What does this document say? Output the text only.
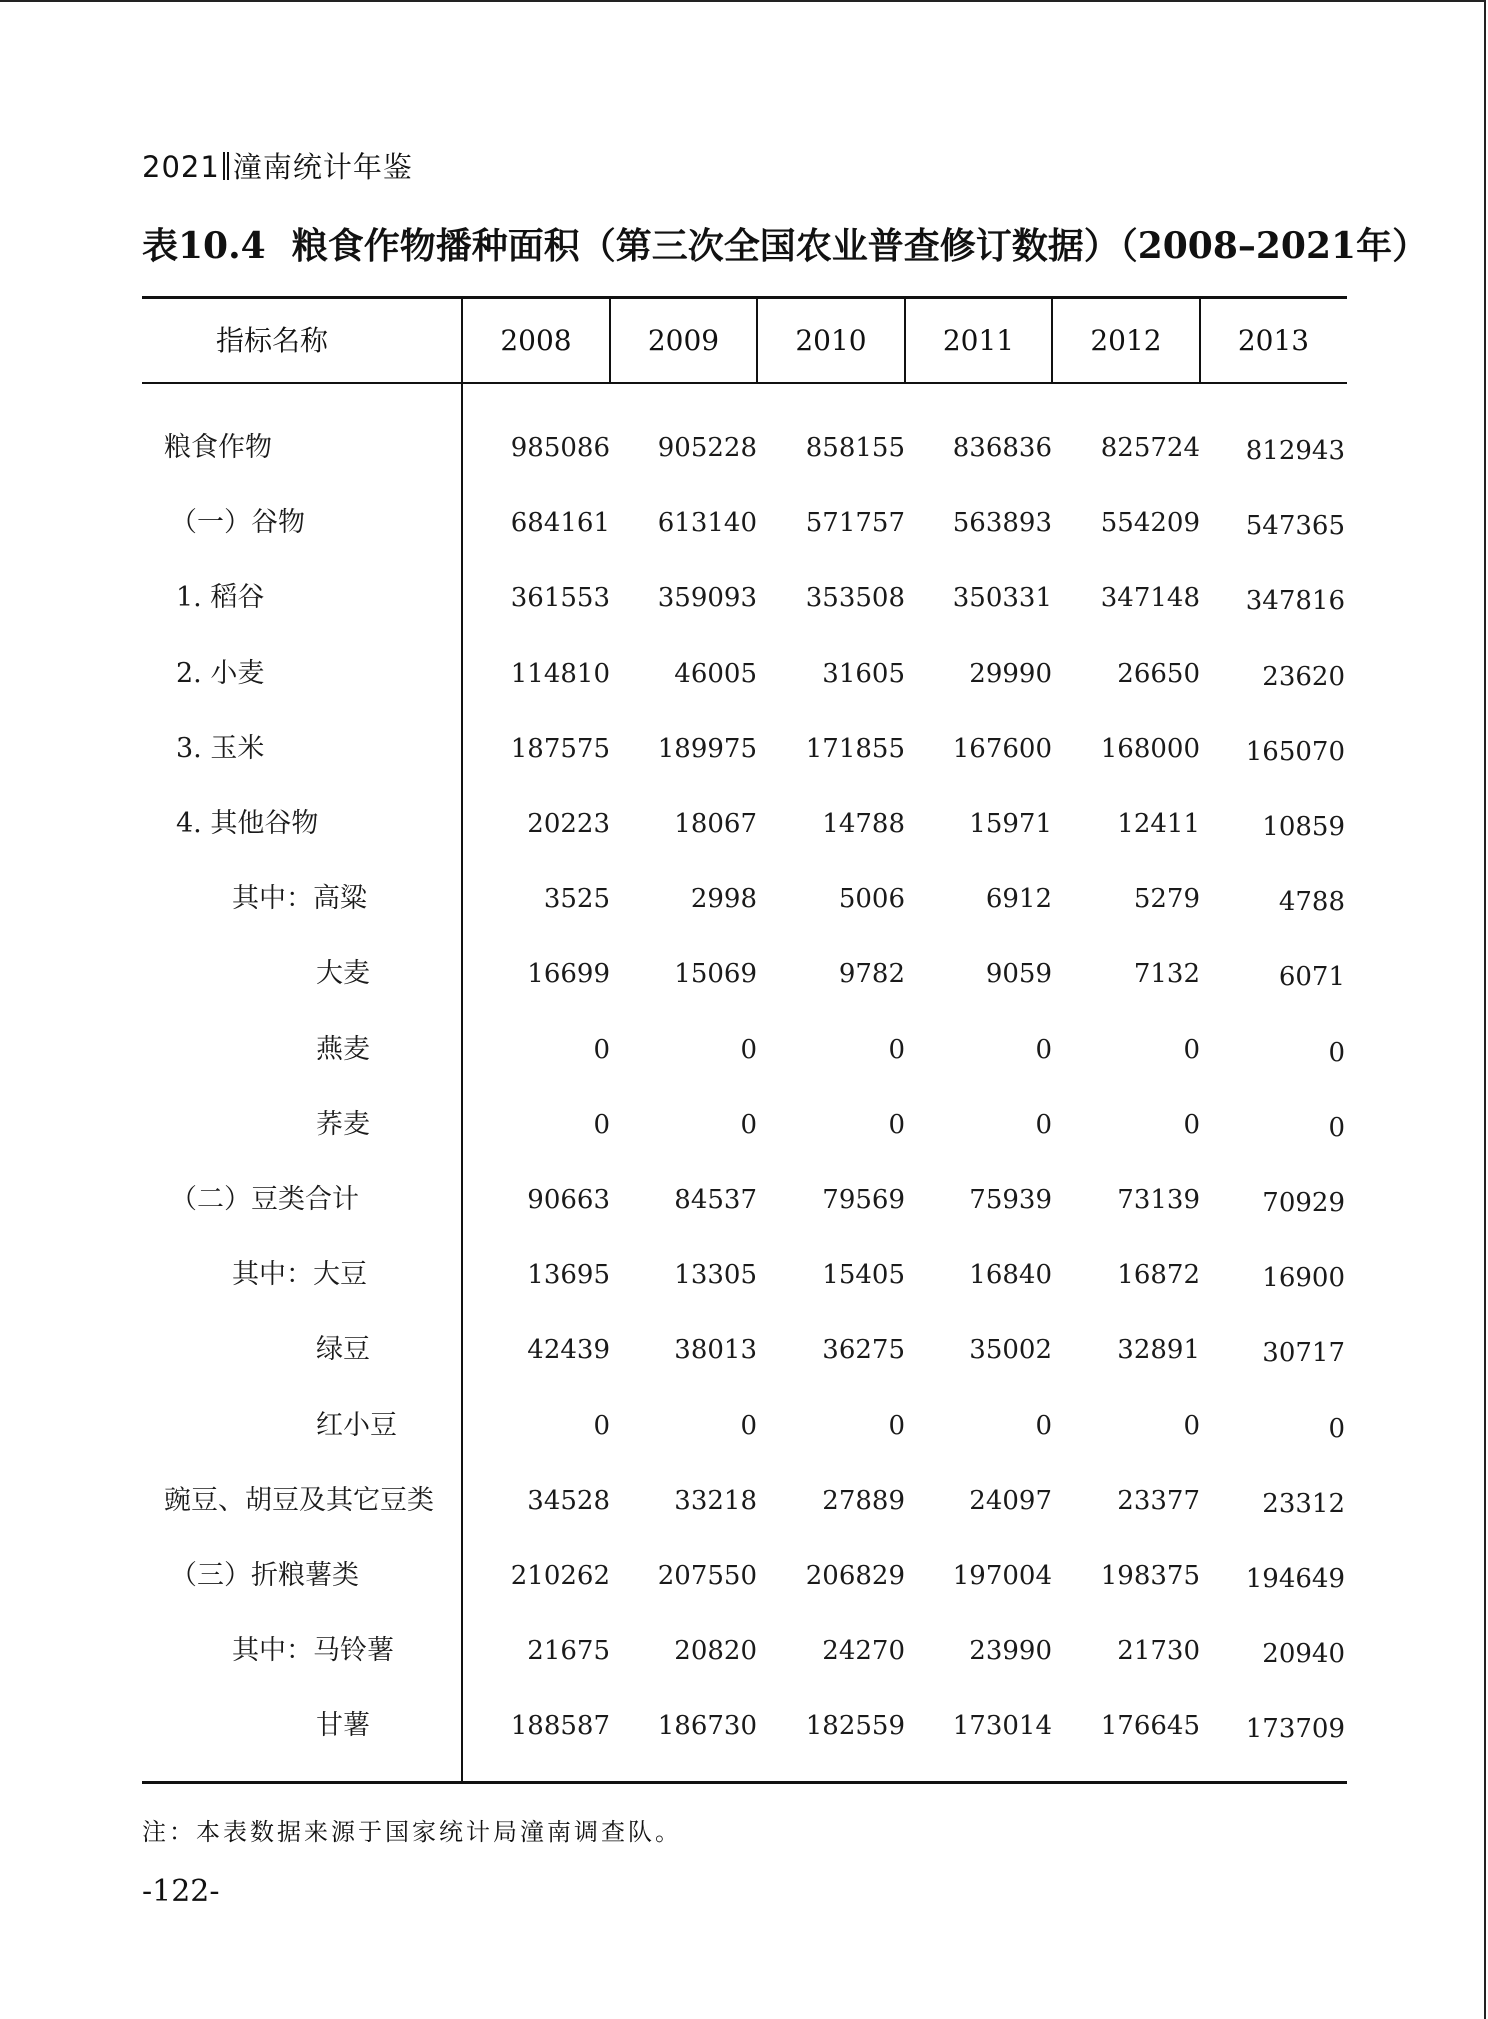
2021 潼南统计年鉴
表10.4 粮食作物播种面积（第三次全国农业普查修订数据）（2008–2021年）
指标名称	2008	2009	2010	2011	2012	2013
粮食作物	985086	905228	858155	836836	825724	812943
（一）谷物	684161	613140	571757	563893	554209	547365
1. 稻谷	361553	359093	353508	350331	347148	347816
2. 小麦	114810	46005	31605	29990	26650	23620
3. 玉米	187575	189975	171855	167600	168000	165070
4. 其他谷物	20223	18067	14788	15971	12411	10859
其中：高粱	3525	2998	5006	6912	5279	4788
大麦	16699	15069	9782	9059	7132	6071
燕麦	0	0	0	0	0	0
荞麦	0	0	0	0	0	0
（二）豆类合计	90663	84537	79569	75939	73139	70929
其中：大豆	13695	13305	15405	16840	16872	16900
绿豆	42439	38013	36275	35002	32891	30717
红小豆	0	0	0	0	0	0
豌豆、胡豆及其它豆类	34528	33218	27889	24097	23377	23312
（三）折粮薯类	210262	207550	206829	197004	198375	194649
其中：马铃薯	21675	20820	24270	23990	21730	20940
甘薯	188587	186730	182559	173014	176645	173709
注：本表数据来源于国家统计局潼南调查队。
-122-
